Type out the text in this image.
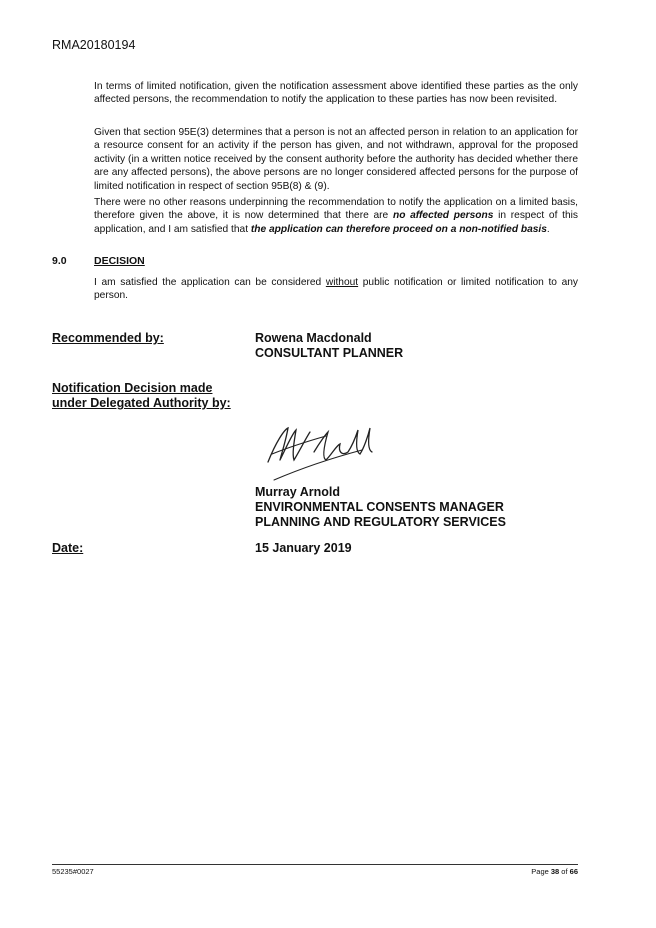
RMA20180194
In terms of limited notification, given the notification assessment above identified these parties as the only affected persons, the recommendation to notify the application to these parties has now been revisited.
Given that section 95E(3) determines that a person is not an affected person in relation to an application for a resource consent for an activity if the person has given, and not withdrawn, approval for the proposed activity (in a written notice received by the consent authority before the authority has decided whether there are any affected persons), the above persons are no longer considered affected persons for the purpose of limited notification in respect of section 95B(8) & (9).
There were no other reasons underpinning the recommendation to notify the application on a limited basis, therefore given the above, it is now determined that there are no affected persons in respect of this application, and I am satisfied that the application can therefore proceed on a non-notified basis.
9.0	DECISION
I am satisfied the application can be considered without public notification or limited notification to any person.
Recommended by:	Rowena Macdonald
CONSULTANT PLANNER
Notification Decision made
under Delegated Authority by:
Murray Arnold
ENVIRONMENTAL CONSENTS MANAGER
PLANNING AND REGULATORY SERVICES
Date:	15 January 2019
55235#0027	Page 38 of 66
